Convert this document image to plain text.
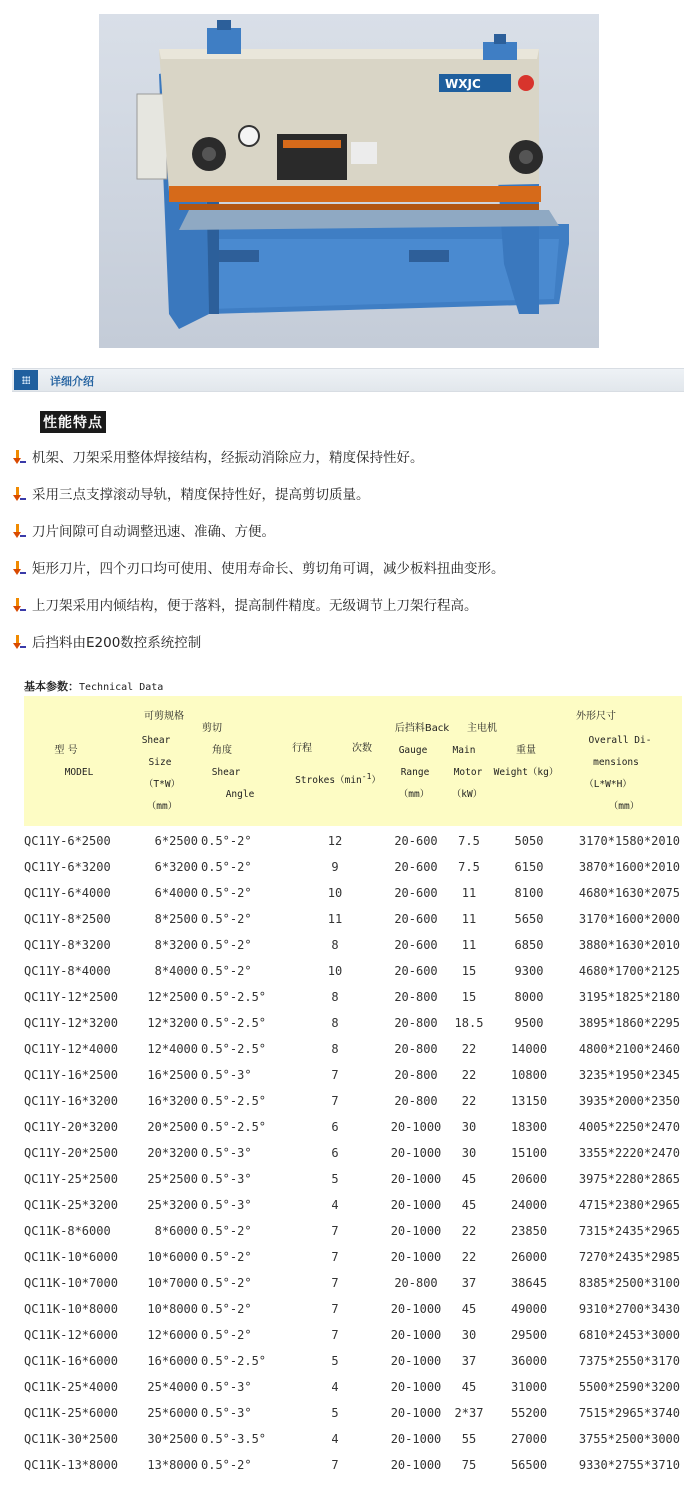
WXJC
详细介绍
性能特点
机架、刀架采用整体焊接结构，经振动消除应力，精度保持性好。
采用三点支撑滚动导轨，精度保持性好，提高剪切质量。
刀片间隙可自动调整迅速、准确、方便。
矩形刀片，四个刃口均可使用、使用寿命长、剪切角可调，减少板料扭曲变形。
上刀架采用内倾结构，便于落料，提高制件精度。无级调节上刀架行程高。
后挡料由E200数控系统控制
基本参数：Technical Data
型 号
MODEL
可剪规格
Shear
Size
（T*W）
（mm）
剪切
角度
Shear
Angle
行程	次数
$Strokes(\min^{-1})$
后挡料Back
Gauge
Range
（mm）
主电机
Main
Motor
（kW）
重量
Weight（kg）
外形尺寸
Overall Di-
mensions
（L*W*H）
（mm）
QC11Y-6*2500	6*2500 0.5°-2°	12	20-600	7.5	5050	3170*1580*2010
QC11Y-6*3200	6*3200 0.5°-2°	9	20-600	7.5	6150	3870*1600*2010
QC11Y-6*4000	6*4000 0.5°-2°	10	20-600	11	8100	4680*1630*2075
QC11Y-8*2500	8*2500 0.5°-2°	11	20-600	11	5650	3170*1600*2000
QC11Y-8*3200	8*3200 0.5°-2°	8	20-600	11	6850	3880*1630*2010
QC11Y-8*4000	8*4000 0.5°-2°	10	20-600	15	9300	4680*1700*2125
QC11Y-12*2500	12*2500 0.5°-2.5°	8	20-800	15	8000	3195*1825*2180
QC11Y-12*3200	12*3200 0.5°-2.5°	8	20-800	18.5	9500	3895*1860*2295
QC11Y-12*4000	12*4000 0.5°-2.5°	8	20-800	22	14000	4800*2100*2460
QC11Y-16*2500	16*2500 0.5°-3°	7	20-800	22	10800	3235*1950*2345
QC11Y-16*3200	16*3200 0.5°-2.5°	7	20-800	22	13150	3935*2000*2350
QC11Y-20*3200	20*2500 0.5°-2.5°	6	20-1000	30	18300	4005*2250*2470
QC11Y-20*2500	20*3200 0.5°-3°	6	20-1000	30	15100	3355*2220*2470
QC11Y-25*2500	25*2500 0.5°-3°	5	20-1000	45	20600	3975*2280*2865
QC11K-25*3200	25*3200 0.5°-3°	4	20-1000	45	24000	4715*2380*2965
QC11K-8*6000	8*6000 0.5°-2°	7	20-1000	22	23850	7315*2435*2965
QC11K-10*6000	10*6000 0.5°-2°	7	20-1000	22	26000	7270*2435*2985
QC11K-10*7000	10*7000 0.5°-2°	7	20-800	37	38645	8385*2500*3100
QC11K-10*8000	10*8000 0.5°-2°	7	20-1000	45	49000	9310*2700*3430
QC11K-12*6000	12*6000 0.5°-2°	7	20-1000	30	29500	6810*2453*3000
QC11K-16*6000	16*6000 0.5°-2.5°	5	20-1000	37	36000	7375*2550*3170
QC11K-25*4000	25*4000 0.5°-3°	4	20-1000	45	31000	5500*2590*3200
QC11K-25*6000	25*6000 0.5°-3°	5	20-1000	2*37	55200	7515*2965*3740
QC11K-30*2500	30*2500 0.5°-3.5°	4	20-1000	55	27000	3755*2500*3000
QC11K-13*8000	13*8000 0.5°-2°	7	20-1000	75	56500	9330*2755*3710
